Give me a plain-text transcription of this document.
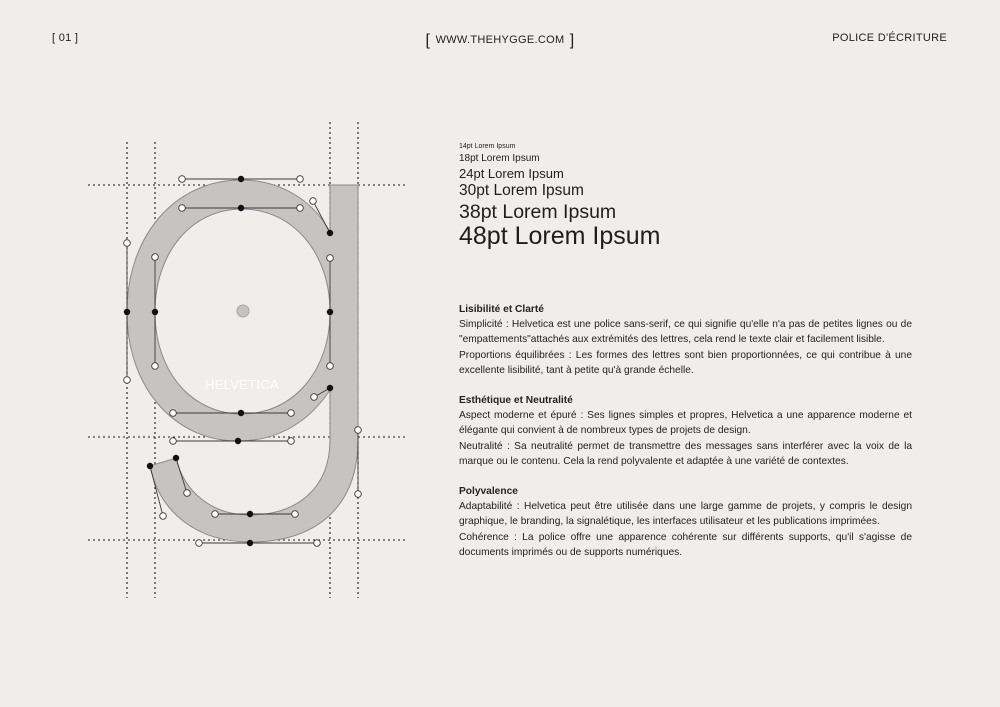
[ 01 ]	[ WWW.THEHYGGE.COM ]	POLICE D'ÉCRITURE
HELVETICA
14pt Lorem Ipsum
18pt Lorem Ipsum
24pt Lorem Ipsum
30pt Lorem Ipsum
38pt Lorem Ipsum
48pt Lorem Ipsum
Lisibilité et Clarté

Simplicité : Helvetica est une police sans-serif, ce qui signifie qu'elle n'a pas de petites lignes ou de "empattements"attachés aux extrémités des lettres, cela rend le texte clair et facilement lisible.

Proportions équilibrées : Les formes des lettres sont bien proportionnées, ce qui contribue à une excellente lisibilité, tant à petite qu'à grande échelle.

Esthétique et Neutralité

Aspect moderne et épuré : Ses lignes simples et propres, Helvetica a une apparence moderne et élégante qui convient à de nombreux types de projets de design.

Neutralité : Sa neutralité permet de transmettre des messages sans interférer avec la voix de la marque ou le contenu. Cela la rend polyvalente et adaptée à une variété de contextes.

Polyvalence

Adaptabilité : Helvetica peut être utilisée dans une large gamme de projets, y compris le design graphique, le branding, la signalétique, les interfaces utilisateur et les publications imprimées.

Cohérence : La police offre une apparence cohérente sur différents supports, qu'il s'agisse de documents imprimés ou de supports numériques.
